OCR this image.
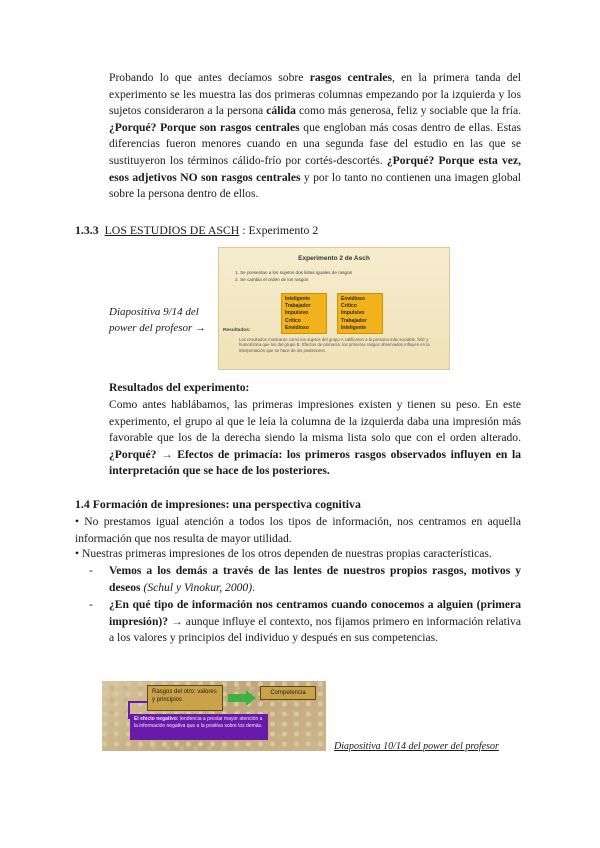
Probando lo que antes decíamos sobre rasgos centrales, en la primera tanda del experimento se les muestra las dos primeras columnas empezando por la izquierda y los sujetos consideraron a la persona cálida como más generosa, feliz y sociable que la fría. ¿Porqué? Porque son rasgos centrales que engloban más cosas dentro de ellas. Estas diferencias fueron menores cuando en una segunda fase del estudio en las que se sustituyeron los términos cálido-frío por cortés-descortés. ¿Porqué? Porque esta vez, esos adjetivos NO son rasgos centrales y por lo tanto no contienen una imagen global sobre la persona dentro de ellos.

1.3.3 LOS ESTUDIOS DE ASCH : Experimento 2

Diapositiva 9/14 del power del profesor →

Experimento 2 de Asch
1. Se presentan a los sujetos dos listas iguales de rasgos
2. Se cambia el orden de los rasgos
Inteligente
Trabajador
Impulsivo
Crítico
Envidioso
Envidioso
Crítico
Impulsivo
Trabajador
Inteligente
Resultados:
Los resultados mostraron como los sujetos del grupo A calificaron a la persona más sociable, feliz y humorística que los del grupo B. Efectos de primacía: los primeros rasgos observados influyen en la interpretación que se hace de los posteriores.

Resultados del experimento:

Como antes hablábamos, las primeras impresiones existen y tienen su peso. En este experimento, el grupo al que le leía la columna de la izquierda daba una impresión más favorable que los de la derecha siendo la misma lista solo que con el orden alterado. ¿Porqué? → Efectos de primacía: los primeros rasgos observados influyen en la interpretación que se hace de los posteriores.

1.4 Formación de impresiones: una perspectiva cognitiva

• No prestamos igual atención a todos los tipos de información, nos centramos en aquella información que nos resulta de mayor utilidad.

• Nuestras primeras impresiones de los otros dependen de nuestras propias características.

- Vemos a los demás a través de las lentes de nuestros propios rasgos, motivos y deseos (Schul y Vinokur, 2000).
- ¿En qué tipo de información nos centramos cuando conocemos a alguien (primera impresión)? → aunque influye el contexto, nos fijamos primero en información relativa a los valores y principios del individuo y después en sus competencias.
Rasgos del otro: valores y principios
Competencia
El efecto negativo: tendencia a prestar mayor atención a la información negativa que a la positiva sobre los demás.

Diapositiva 10/14 del power del profesor
